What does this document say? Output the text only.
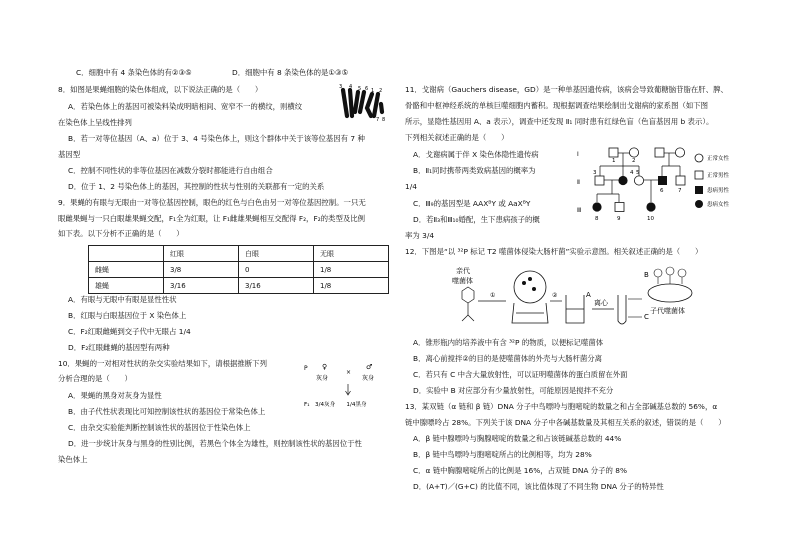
C．细胞中有 4 条染色体的有②③⑤	D．细胞中有 8 条染色体的是①③⑤
8．如图是果蝇细胞的染色体组成，以下说法正确的是（　　）
A．若染色体上的基因可被染料染成明暗相间、宽窄不一的横纹，则横纹
在染色体上呈线性排列
B．若一对等位基因（A、a）位于 3、4 号染色体上，则这个群体中关于该等位基因有 7 种
基因型
C．控制不同性状的非等位基因在减数分裂时都能进行自由组合
D．位于 1、2 号染色体上的基因，其控制的性状与性别的关联都有一定的关系
3 4 5 6 1 2
7 8
9．果蝇的有眼与无眼由一对等位基因控制，眼色的红色与白色由另一对等位基因控制。一只无
眼雌果蝇与一只白眼雄果蝇交配，F₁全为红眼，让 F₁雌雄果蝇相互交配得 F₂，F₂的类型及比例
如下表。以下分析不正确的是（　　）
	红眼	白眼	无眼
雌蝇	3/8	0	1/8
雄蝇	3/16	3/16	1/8
A．有眼与无眼中有眼是显性性状
B．红眼与白眼基因位于 X 染色体上
C．F₂红眼雌蝇到交子代中无眼占 1/4
D．F₂红眼雌蝇的基因型有两种
10．果蝇的一对相对性状的杂交实验结果如下，请根据推断下列
分析合理的是（　　）
P ♀
灰身
×
♂
灰身
F₁　3/4灰身　　1/4黑身
A．果蝇的黑身对灰身为显性
B．由子代性状表现比可知控制该性状的基因位于常染色体上
C．由杂交实验能判断控制该性状的基因位于性染色体上
D．进一步统计灰身与黑身的性别比例，若黑色个体全为雄性，则控制该性状的基因位于性
染色体上
11．戈谢病（Gauchers disease，GD）是一种单基因遗传病，该病会导致葡糖脑苷脂在肝、脾、
骨骼和中枢神经系统的单核巨噬细胞内蓄积。现根据调查结果绘制出戈谢病的家系图（如下图
所示，显隐性基因用 A、a 表示），调查中还发现 Ⅱ₁ 同时患有红绿色盲（色盲基因用 b 表示）。
下列相关叙述正确的是（　　）
A．戈谢病属于伴 X 染色体隐性遗传病
B．Ⅱ₁同时携带两类致病基因的概率为
1/4
C．Ⅲ₉的基因型是 AAXᴮY 或 AaXᴮY
D．若Ⅱ₃和Ⅲ₁₀婚配，生下患病孩子的概
率为 3/4
Ⅰ
Ⅱ
Ⅲ
3	4 5
1	2
6	7
8	9	10
正常女性
正常男性
患病男性
患病女性
12．下图是“以 ³²P 标记 T2 噬菌体侵染大肠杆菌”实验示意图。相关叙述正确的是（　　）
亲代
噬菌体
①	②	A
离心
B
C
子代噬菌体
A．锥形瓶内的培养液中有含 ³²P 的物质，以便标记噬菌体
B．离心前搅拌②的目的是使噬菌体的外壳与大肠杆菌分离
C．若只有 C 中含大量放射性，可以证明噬菌体的蛋白质留在外面
D．实验中 B 对应部分有少量放射性，可能原因是搅拌不充分
13．某双链（α 链和 β 链）DNA 分子中鸟嘌呤与胞嘧啶的数量之和占全部碱基总数的 56%，α
链中腺嘌呤占 28%。下列关于该 DNA 分子中各碱基数量及其相互关系的叙述，错误的是（　　）
A．β 链中腺嘌呤与胸腺嘧啶的数量之和占该链碱基总数的 44%
B．β 链中鸟嘌呤与胞嘧啶所占的比例相等，均为 28%
C．α 链中胸腺嘧啶所占的比例是 16%，占双链 DNA 分子的 8%
D．(A+T)／(G+C) 的比值不同，该比值体现了不同生物 DNA 分子的特异性
